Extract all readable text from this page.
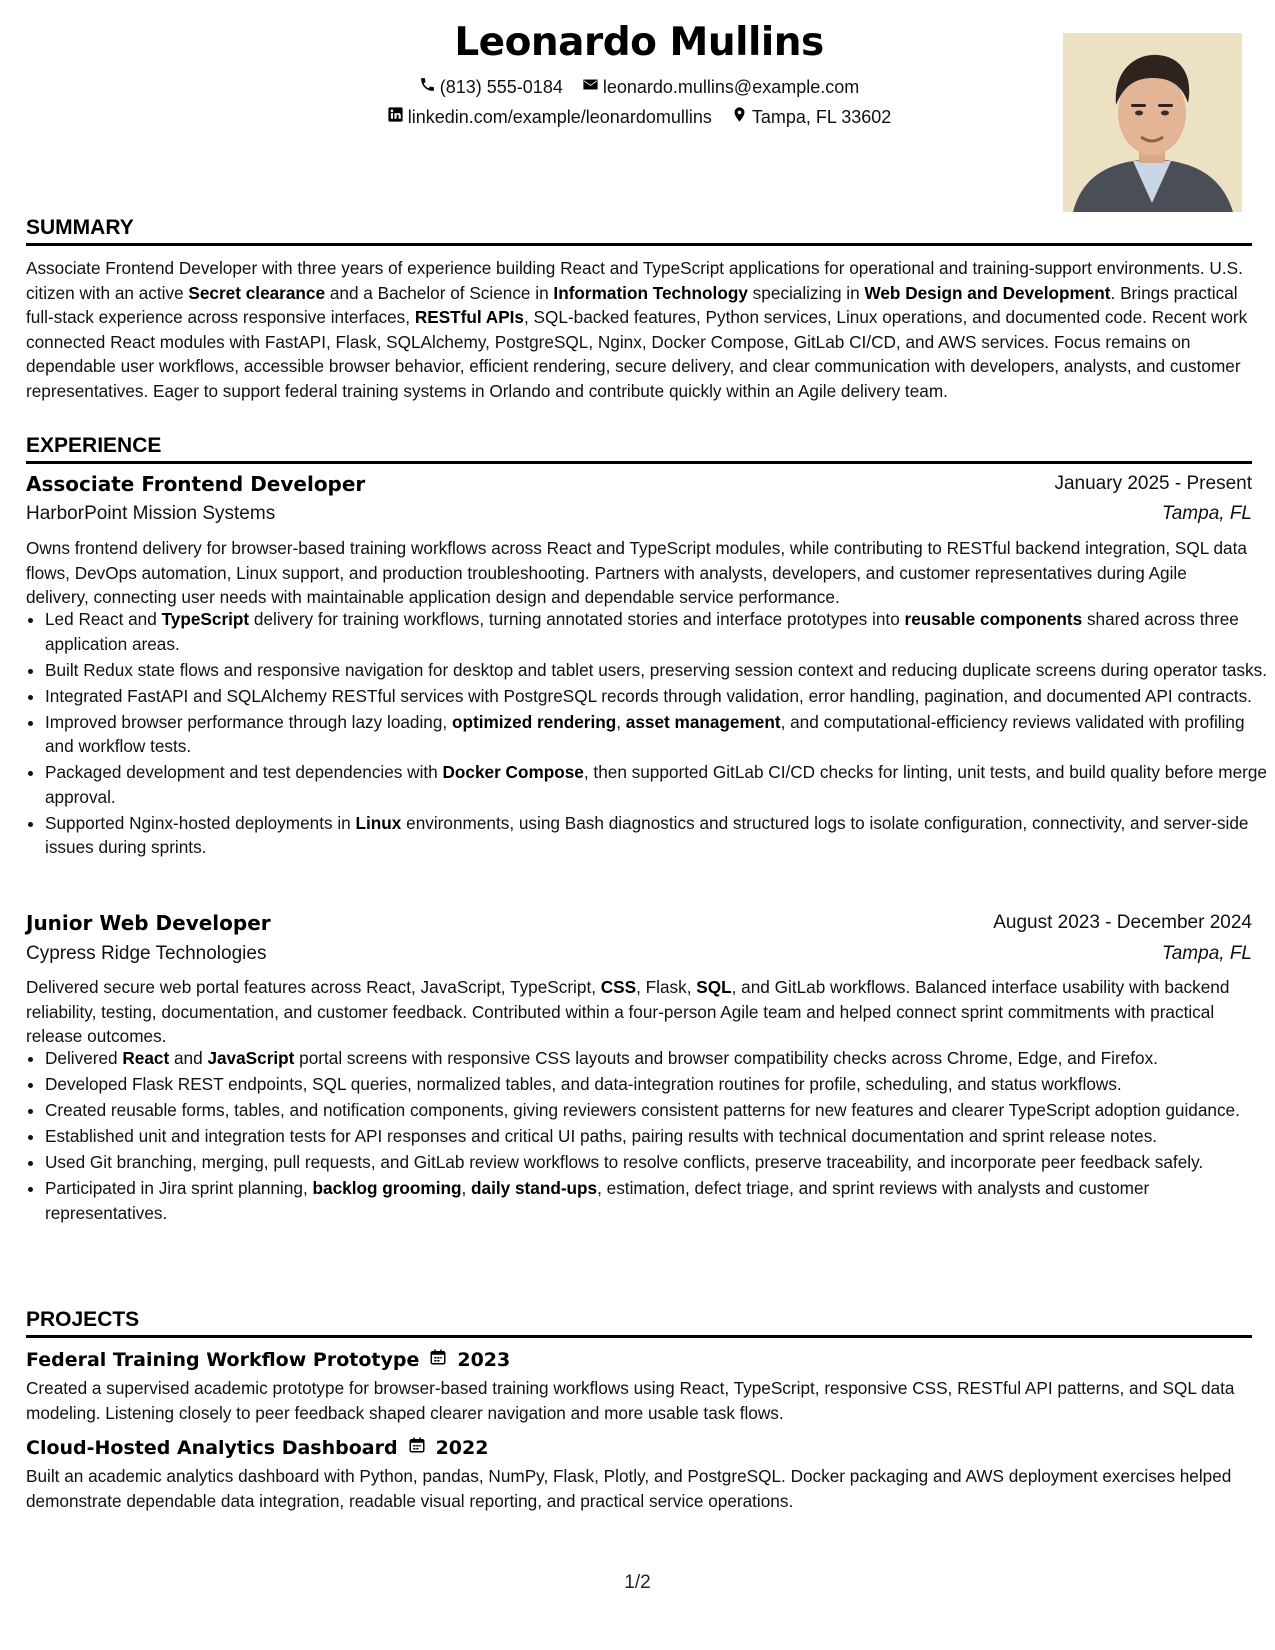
Leonardo Mullins
(813) 555-0184
leonardo.mullins@example.com
linkedin.com/example/leonardomullins
Tampa, FL 33602
SUMMARY
Associate Frontend Developer with three years of experience building React and TypeScript applications for operational and training-support environments. U.S. citizen with an active Secret clearance and a Bachelor of Science in Information Technology specializing in Web Design and Development. Brings practical full-stack experience across responsive interfaces, RESTful APIs, SQL-backed features, Python services, Linux operations, and documented code. Recent work connected React modules with FastAPI, Flask, SQLAlchemy, PostgreSQL, Nginx, Docker Compose, GitLab CI/CD, and AWS services. Focus remains on dependable user workflows, accessible browser behavior, efficient rendering, secure delivery, and clear communication with developers, analysts, and customer representatives. Eager to support federal training systems in Orlando and contribute quickly within an Agile delivery team.
EXPERIENCE
Associate Frontend Developer	January 2025 - Present
HarborPoint Mission Systems	Tampa, FL
Owns frontend delivery for browser-based training workflows across React and TypeScript modules, while contributing to RESTful backend integration, SQL data flows, DevOps automation, Linux support, and production troubleshooting. Partners with analysts, developers, and customer representatives during Agile delivery, connecting user needs with maintainable application design and dependable service performance.
• Led React and TypeScript delivery for training workflows, turning annotated stories and interface prototypes into reusable components shared across three application areas.
• Built Redux state flows and responsive navigation for desktop and tablet users, preserving session context and reducing duplicate screens during operator tasks.
• Integrated FastAPI and SQLAlchemy RESTful services with PostgreSQL records through validation, error handling, pagination, and documented API contracts.
• Improved browser performance through lazy loading, optimized rendering, asset management, and computational-efficiency reviews validated with profiling and workflow tests.
• Packaged development and test dependencies with Docker Compose, then supported GitLab CI/CD checks for linting, unit tests, and build quality before merge approval.
• Supported Nginx-hosted deployments in Linux environments, using Bash diagnostics and structured logs to isolate configuration, connectivity, and server-side issues during sprints.
Junior Web Developer	August 2023 - December 2024
Cypress Ridge Technologies	Tampa, FL
Delivered secure web portal features across React, JavaScript, TypeScript, CSS, Flask, SQL, and GitLab workflows. Balanced interface usability with backend reliability, testing, documentation, and customer feedback. Contributed within a four-person Agile team and helped connect sprint commitments with practical release outcomes.
• Delivered React and JavaScript portal screens with responsive CSS layouts and browser compatibility checks across Chrome, Edge, and Firefox.
• Developed Flask REST endpoints, SQL queries, normalized tables, and data-integration routines for profile, scheduling, and status workflows.
• Created reusable forms, tables, and notification components, giving reviewers consistent patterns for new features and clearer TypeScript adoption guidance.
• Established unit and integration tests for API responses and critical UI paths, pairing results with technical documentation and sprint release notes.
• Used Git branching, merging, pull requests, and GitLab review workflows to resolve conflicts, preserve traceability, and incorporate peer feedback safely.
• Participated in Jira sprint planning, backlog grooming, daily stand-ups, estimation, defect triage, and sprint reviews with analysts and customer representatives.
PROJECTS
Federal Training Workflow Prototype 2023
Created a supervised academic prototype for browser-based training workflows using React, TypeScript, responsive CSS, RESTful API patterns, and SQL data modeling. Listening closely to peer feedback shaped clearer navigation and more usable task flows.
Cloud-Hosted Analytics Dashboard 2022
Built an academic analytics dashboard with Python, pandas, NumPy, Flask, Plotly, and PostgreSQL. Docker packaging and AWS deployment exercises helped demonstrate dependable data integration, readable visual reporting, and practical service operations.
1/2
